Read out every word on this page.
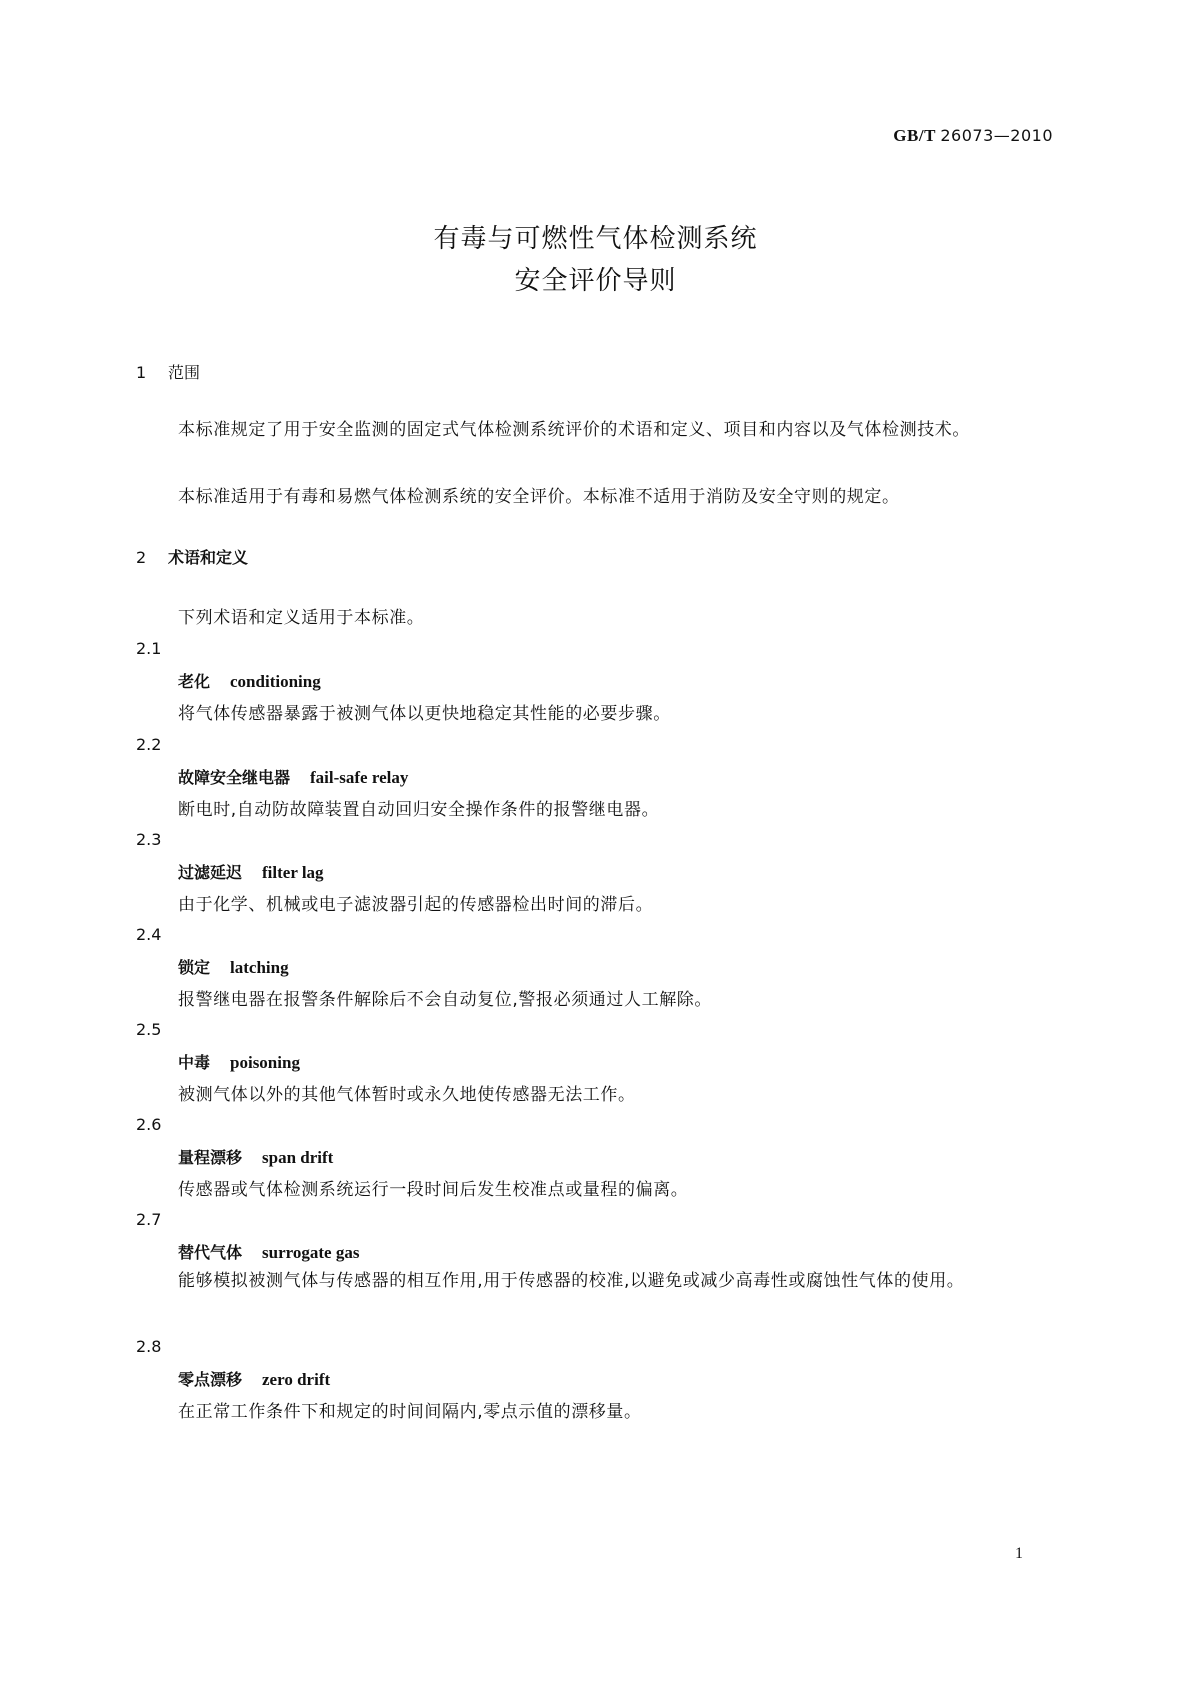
GB/T 26073—2010
有毒与可燃性气体检测系统
安全评价导则
1 范围
本标准规定了用于安全监测的固定式气体检测系统评价的术语和定义、项目和内容以及气体检测技术。
本标准适用于有毒和易燃气体检测系统的安全评价。本标准不适用于消防及安全守则的规定。
2 术语和定义
下列术语和定义适用于本标准。
2.1
老化 conditioning
将气体传感器暴露于被测气体以更快地稳定其性能的必要步骤。
2.2
故障安全继电器 fail-safe relay
断电时,自动防故障装置自动回归安全操作条件的报警继电器。
2.3
过滤延迟 filter lag
由于化学、机械或电子滤波器引起的传感器检出时间的滞后。
2.4
锁定 latching
报警继电器在报警条件解除后不会自动复位,警报必须通过人工解除。
2.5
中毒 poisoning
被测气体以外的其他气体暂时或永久地使传感器无法工作。
2.6
量程漂移 span drift
传感器或气体检测系统运行一段时间后发生校准点或量程的偏离。
2.7
替代气体 surrogate gas
能够模拟被测气体与传感器的相互作用,用于传感器的校准,以避免或减少高毒性或腐蚀性气体的使用。
2.8
零点漂移 zero drift
在正常工作条件下和规定的时间间隔内,零点示值的漂移量。
1
